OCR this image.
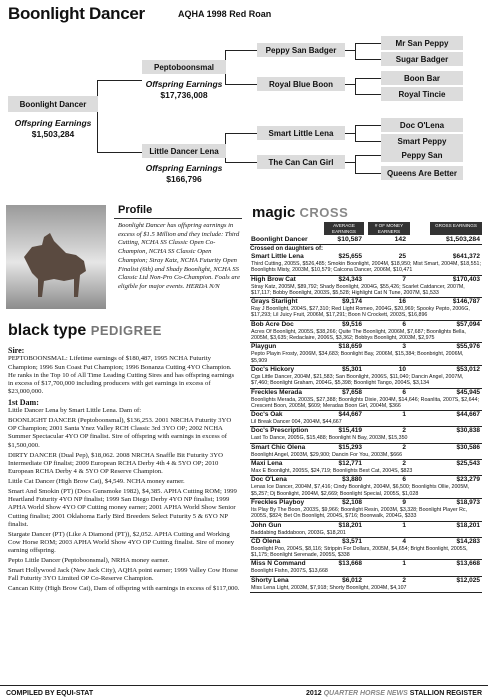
Boonlight Dancer	AQHA 1998 Red Roan
Boonlight Dancer
Offspring Earnings
$1,503,284
Peptoboonsmal
Offspring Earnings
$17,736,008
Little Dancer Lena
Offspring Earnings
$166,796
Peppy San Badger
Royal Blue Boon
Smart Little Lena
The Can Can Girl
Mr San Peppy
Sugar Badger
Boon Bar
Royal Tincie
Doc O'Lena
Smart Peppy
Peppy San
Queens Are Better
Profile
Boonlight Dancer has offspring earnings in excess of $1.5 Million and they include: Third Cutting, NCHA SS Classic Open Co-Champion, NCHA SS Classic Open Champion; Stray Katz, NCHA Futurity Open Finalist (6th) and Shady Boonlight, NCHA SS Classic Ltd Non-Pro Co-Champion. Foals are eligible for major events. HERDA N/N
black type PEDIGREE
Sire:
PEPTOBOONSMAL: Lifetime earnings of $180,487, 1995 NCHA Futurity Champion; 1996 Sun Coast Fut Champion; 1996 Bonanza Cutting 4YO Champion. He ranks in the Top 10 of All Time Leading Cutting Sires and has offspring earnings in excess of $17,700,000 including producers with get earnings in excess of $23,000,000.
1st Dam:
Little Dancer Lena by Smart Little Lena. Dam of:
BOONLIGHT DANCER (Peptoboonsmal), $136,253. 2001 NRCHA Futurity 3YO OP Champion; 2001 Santa Ynez Valley RCH Classic 3rd 3YO OP; 2002 NCHA Summer Spectacular 4YO OP finalist. Sire of offspring with earnings in excess of $1,500,000.
DIRTY DANCER (Dual Pep), $18,062. 2008 NRCHA Snaffle Bit Futurity 3YO Intermediate OP finalist; 2009 European RCHA Derby 4th 4 & 5YO OP; 2010 European RCHA Derby 4 & 5YO OP Reserve Champion.
Little Cat Dancer (High Brow Cat), $4,549. NCHA money earner.
Smart And Smokin (PT) (Docs Gunsmoke 1982), $4,385. APHA Cutting ROM; 1999 Heartland Futurity 4YO NP finalist; 1999 San Diego Derby 4YO NP finalist; 1999 APHA World Show 4YO OP Cutting money earner; 2001 APHA World Show Senior Cutting finalist; 2001 Oklahoma Early Bird Breeders Select Futurity 5 & 6YO NP finalist.
Stargate Dancer (PT) (Like A Diamond (PT)), $2,052. APHA Cutting and Working Cow Horse ROM; 2003 APHA World Show 4YO OP Cutting finalist. Sire of money earning offspring.
Pepto Little Dancer (Peptoboonsmal), NRHA money earner.
Smart Hollywood Jack (New Jack City), AQHA point earner; 1999 Valley Cow Horse Fall Futurity 3YO Limited OP Co-Reserve Champion.
Cancan Kitty (High Brow Cat), Dam of offspring with earnings in excess of $117,000.
magic CROSS
AVERAGE EARNINGS
# OF MONEY EARNERS
GROSS EARNINGS
Boonlight Dancer	$10,587	142	$1,503,284
Crossed on daughters of:
Smart Little Lena	$25,655	25	$641,372
Third Cutting, 2005S, $526,485; Smokin Boonlight, 2004M, $18,950; Mist Smart, 2004M, $18,551; Boonlights Misty, 2003M, $10,579; Calcona Dancer, 2006M, $10,471
High Brow Cat	$24,343	7	$170,403
Stray Katz, 2005M, $89,792; Shady Boonlight, 2004G, $55,426; Scarlet Catdancer, 2007M, $17,117; Bobby Boonlight, 2003S, $5,528; Highlight Cat N Tune, 2007M, $1,533
Grays Starlight	$9,174	16	$146,787
Ray J Boonlight, 2004S, $27,310; Red Light Romeo, 2004G, $20,969; Spooky Pepto, 2006G, $17,293; Lil Juicy Fruit, 2006M, $17,291; Boon N Crockett, 2003S, $16,896
Bob Acre Doc	$9,516	6	$57,094
Acres Of Boonlight, 2005S, $38,266; Quite The Boonlight, 2006M, $7,687; Boonlights Bella, 2005M, $3,635; Redaclaire, 2006S, $3,362; Bobbys Boonlight, 2003M, $2,975
Playgun	$18,659	3	$55,976
Pepto Playin Frosty, 2006M, $34,683; Boonlight Bay, 2006M, $15,384; Boonbright, 2006M, $5,909
Doc's Hickory	$5,301	10	$53,012
Cgs Little Dancer, 2004M, $21,583; San Boonlight, 2006S, $11,040; Dancin Angel, 2007M, $7,460; Boonlight Graham, 2004G, $5,398; Boonlight Tango, 2004S, $3,134
Freckles Merada	$7,658	6	$45,945
Boonlights Merada, 2003S, $27,388; Boonlights Dixie, 2004M, $14,646; Roanlita, 2007S, $2,644; Crescent Boon, 2005M, $609; Meradas Boon Girl, 2004M, $366
Doc's Oak	$44,667	1	$44,667
Lil Break Dancer 004, 2004M, $44,667
Doc's Prescription	$15,419	2	$30,838
Last To Dance, 2005G, $15,488; Boonlight N Bay, 2003M, $15,350
Smart Chic Olena	$15,293	2	$30,586
Boonlight Angel, 2003M, $29,900; Dancin For You, 2003M, $666
Maxi Lena	$12,771	2	$25,543
Max E Boonlight, 2005S, $24,719; Boonlights Best Cat, 2004S, $823
Doc O'Lena	$3,880	6	$23,279
Lenas Ice Dancer, 2004M, $7,416; Cindy Boonlight, 2004M, $6,500; Boonlights Ollie, 2005M, $5,257; Dj Boonlight, 2004M, $2,669; Boonlight Special, 2005S, $1,028
Freckles Playboy	$2,108	9	$18,973
Its Play By The Boon, 2003S, $9,966; Boonlight Resin, 2003M, $3,328; Boonlight Player Rc, 2005S, $824; Bet On Boonlight, 2004S, $716; Boonwalk, 2004G, $333
John Gun	$18,201	1	$18,201
Baddabing Baddaboon, 2003G, $18,201
CD Olena	$3,571	4	$14,283
Boonlight Poo, 2004S, $8,116; Strippin For Dollars, 2005M, $4,654; Bright Boonlight, 2005S, $1,175; Boonlight Serenade, 2005S, $338
Miss N Command	$13,668	1	$13,668
Boonlight Fishn, 2007S, $13,668
Shorty Lena	$6,012	2	$12,025
Miss Lena Light, 2003M, $7,918; Shorty Boonlight, 2004M, $4,107
COMPILED BY EQUI-STAT	2012 QUARTER HORSE NEWS STALLION REGISTER
